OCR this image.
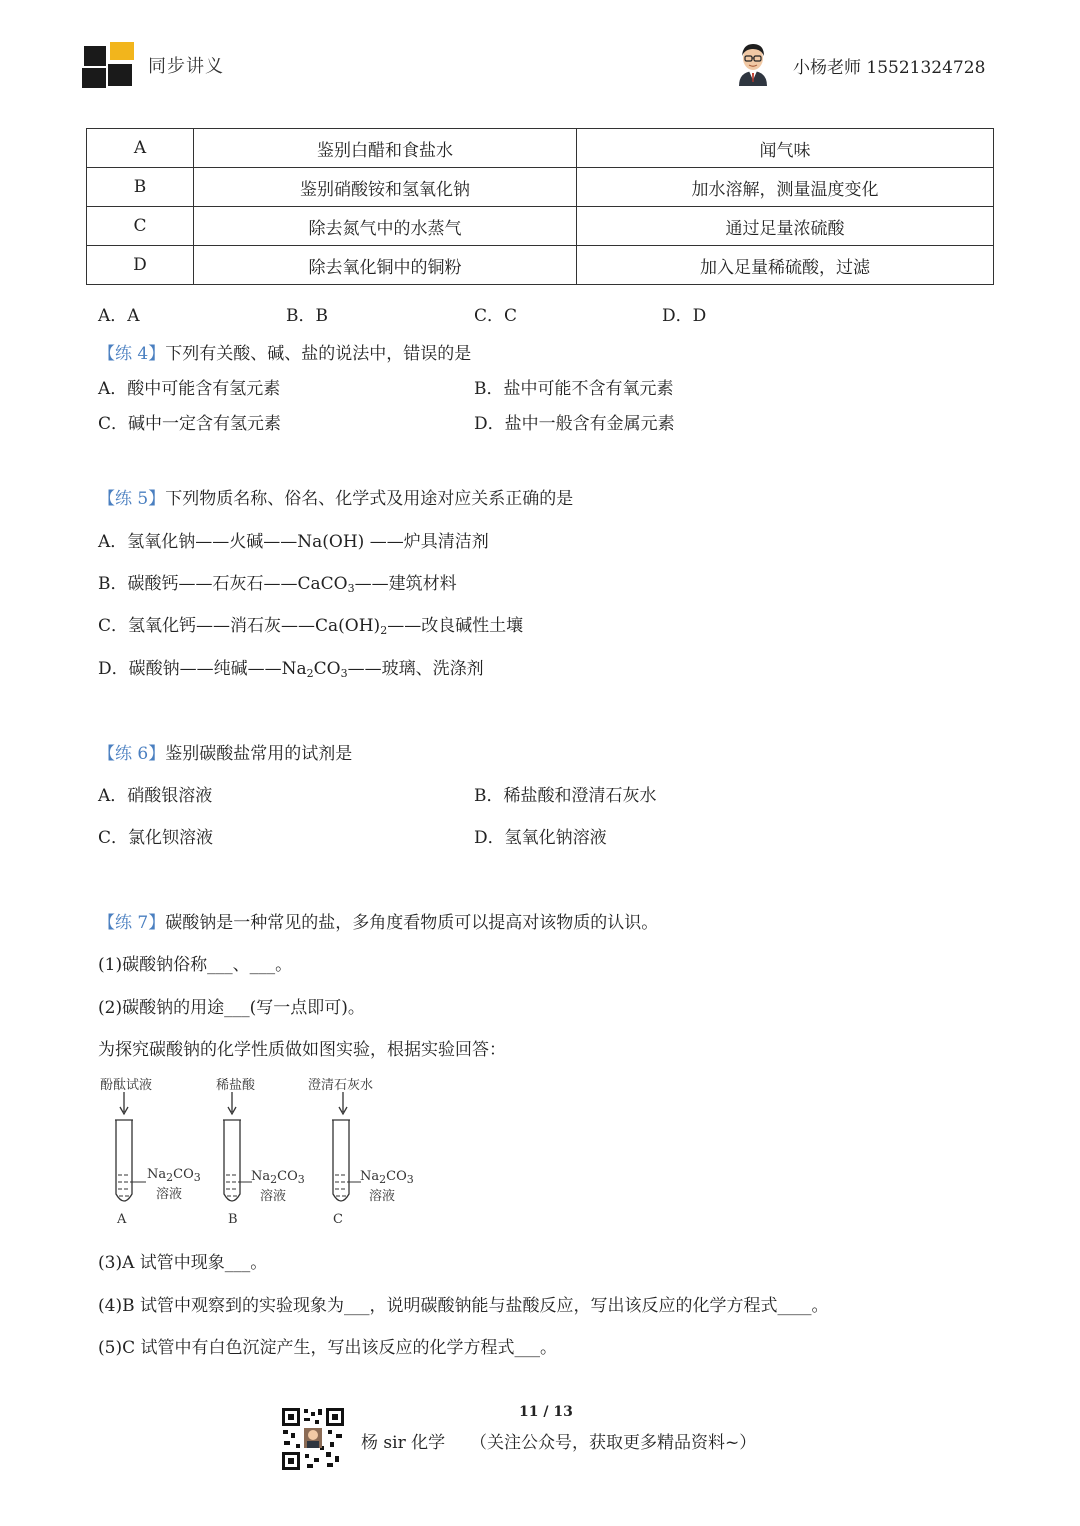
同步讲义	小杨老师 15521324728
A	鉴别白醋和食盐水	闻气味
B	鉴别硝酸铵和氢氧化钠	加水溶解，测量温度变化
C	除去氮气中的水蒸气	通过足量浓硫酸
D	除去氧化铜中的铜粉	加入足量稀硫酸，过滤
A．A	B．B	C．C	D．D
【练 4】下列有关酸、碱、盐的说法中，错误的是
A．酸中可能含有氢元素	B．盐中可能不含有氧元素
C．碱中一定含有氢元素	D．盐中一般含有金属元素
【练 5】下列物质名称、俗名、化学式及用途对应关系正确的是
A．氢氧化钠——火碱——Na(OH) ——炉具清洁剂
B．碳酸钙——石灰石——CaCO$_3$——建筑材料
C．氢氧化钙——消石灰$——Ca(OH)_2——$改良碱性土壤
D．碳酸钠——纯碱$——Na_2CO_3——$玻璃、洗涤剂
【练 6】鉴别碳酸盐常用的试剂是
A．硝酸银溶液	B．稀盐酸和澄清石灰水
C．氯化钡溶液	D．氢氧化钠溶液
【练 7】碳酸钠是一种常见的盐，多角度看物质可以提高对该物质的认识。
(1)碳酸钠俗称___、___。
(2)碳酸钠的用途___(写一点即可)。
为探究碳酸钠的化学性质做如图实验，根据实验回答：
酚酞试液	稀盐酸	澄清石灰水
$Na_2CO_3$
溶液
$Na_2CO_3$
溶液
$Na_2CO_3$
溶液
A	B	C
(3)A 试管中现象___。
(4)B 试管中观察到的实验现象为___，说明碳酸钠能与盐酸反应，写出该反应的化学方程式____。
(5)C 试管中有白色沉淀产生，写出该反应的化学方程式___。
11 / 13
杨 sir 化学 （关注公众号，获取更多精品资料~）
